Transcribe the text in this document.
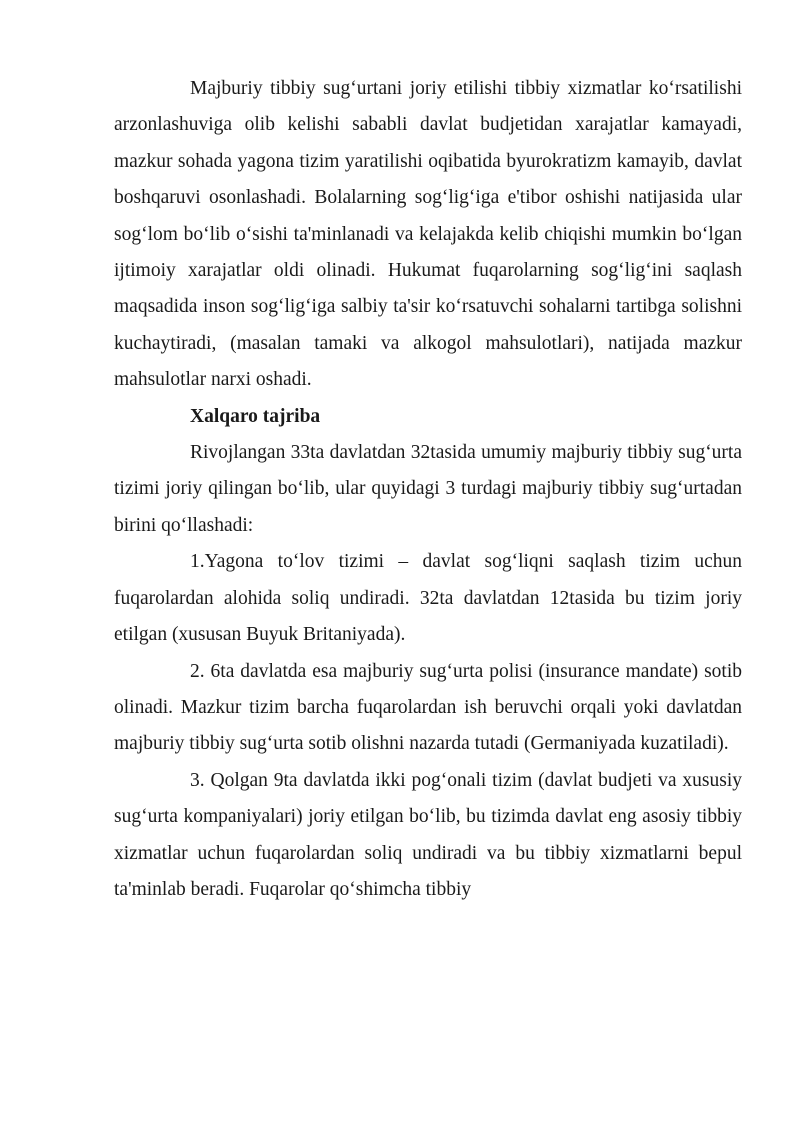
Majburiy tibbiy sug‘urtani joriy etilishi tibbiy xizmatlar ko‘rsatilishi arzonlashuviga olib kelishi sababli davlat budjetidan xarajatlar kamayadi, mazkur sohada yagona tizim yaratilishi oqibatida byurokratizm kamayib, davlat boshqaruvi osonlashadi. Bolalarning sog‘lig‘iga e'tibor oshishi natijasida ular sog‘lom bo‘lib o‘sishi ta'minlanadi va kelajakda kelib chiqishi mumkin bo‘lgan ijtimoiy xarajatlar oldi olinadi. Hukumat fuqarolarning sog‘lig‘ini saqlash maqsadida inson sog‘lig‘iga salbiy ta'sir ko‘rsatuvchi sohalarni tartibga solishni kuchaytiradi, (masalan tamaki va alkogol mahsulotlari), natijada mazkur mahsulotlar narxi oshadi.

Xalqaro tajriba

Rivojlangan 33ta davlatdan 32tasida umumiy majburiy tibbiy sug‘urta tizimi joriy qilingan bo‘lib, ular quyidagi 3 turdagi majburiy tibbiy sug‘urtadan birini qo‘llashadi:

1.Yagona to‘lov tizimi – davlat sog‘liqni saqlash tizim uchun fuqarolardan alohida soliq undiradi. 32ta davlatdan 12tasida bu tizim joriy etilgan (xususan Buyuk Britaniyada).

2. 6ta davlatda esa majburiy sug‘urta polisi (insurance mandate) sotib olinadi. Mazkur tizim barcha fuqarolardan ish beruvchi orqali yoki davlatdan majburiy tibbiy sug‘urta sotib olishni nazarda tutadi (Germaniyada kuzatiladi).

3. Qolgan 9ta davlatda ikki pog‘onali tizim (davlat budjeti va xususiy sug‘urta kompaniyalari) joriy etilgan bo‘lib, bu tizimda davlat eng asosiy tibbiy xizmatlar uchun fuqarolardan soliq undiradi va bu tibbiy xizmatlarni bepul ta'minlab beradi. Fuqarolar qo‘shimcha tibbiy
